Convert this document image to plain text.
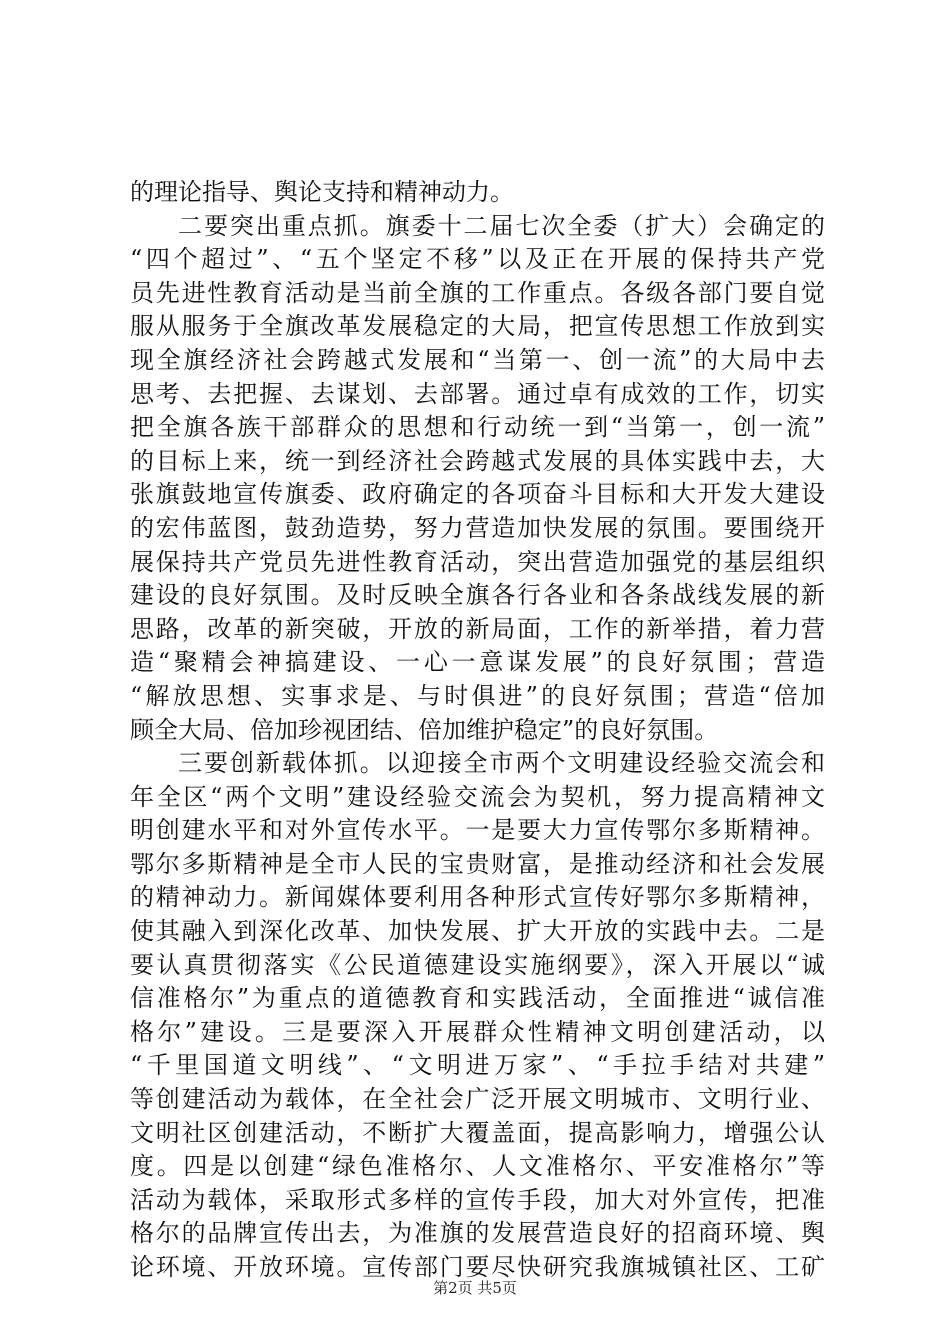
的理论指导、舆论支持和精神动力。
二要突出重点抓。旗委十二届七次全委（扩大）会确定的
“四个超过”、“五个坚定不移”以及正在开展的保持共产党
员先进性教育活动是当前全旗的工作重点。各级各部门要自觉
服从服务于全旗改革发展稳定的大局，把宣传思想工作放到实
现全旗经济社会跨越式发展和“当第一、创一流”的大局中去
思考、去把握、去谋划、去部署。通过卓有成效的工作，切实
把全旗各族干部群众的思想和行动统一到“当第一，创一流”
的目标上来，统一到经济社会跨越式发展的具体实践中去，大
张旗鼓地宣传旗委、政府确定的各项奋斗目标和大开发大建设
的宏伟蓝图，鼓劲造势，努力营造加快发展的氛围。要围绕开
展保持共产党员先进性教育活动，突出营造加强党的基层组织
建设的良好氛围。及时反映全旗各行各业和各条战线发展的新
思路，改革的新突破，开放的新局面，工作的新举措，着力营
造“聚精会神搞建设、一心一意谋发展”的良好氛围；营造
“解放思想、实事求是、与时俱进”的良好氛围；营造“倍加
顾全大局、倍加珍视团结、倍加维护稳定”的良好氛围。
三要创新载体抓。以迎接全市两个文明建设经验交流会和
年全区“两个文明”建设经验交流会为契机，努力提高精神文
明创建水平和对外宣传水平。一是要大力宣传鄂尔多斯精神。
鄂尔多斯精神是全市人民的宝贵财富，是推动经济和社会发展
的精神动力。新闻媒体要利用各种形式宣传好鄂尔多斯精神，
使其融入到深化改革、加快发展、扩大开放的实践中去。二是
要认真贯彻落实《公民道德建设实施纲要》，深入开展以“诚
信准格尔”为重点的道德教育和实践活动，全面推进“诚信准
格尔”建设。三是要深入开展群众性精神文明创建活动，以
“千里国道文明线”、“文明进万家”、“手拉手结对共建”
等创建活动为载体，在全社会广泛开展文明城市、文明行业、
文明社区创建活动，不断扩大覆盖面，提高影响力，增强公认
度。四是以创建“绿色准格尔、人文准格尔、平安准格尔”等
活动为载体，采取形式多样的宣传手段，加大对外宣传，把准
格尔的品牌宣传出去，为准旗的发展营造良好的招商环境、舆
论环境、开放环境。宣传部门要尽快研究我旗城镇社区、工矿
第2页 共5页
